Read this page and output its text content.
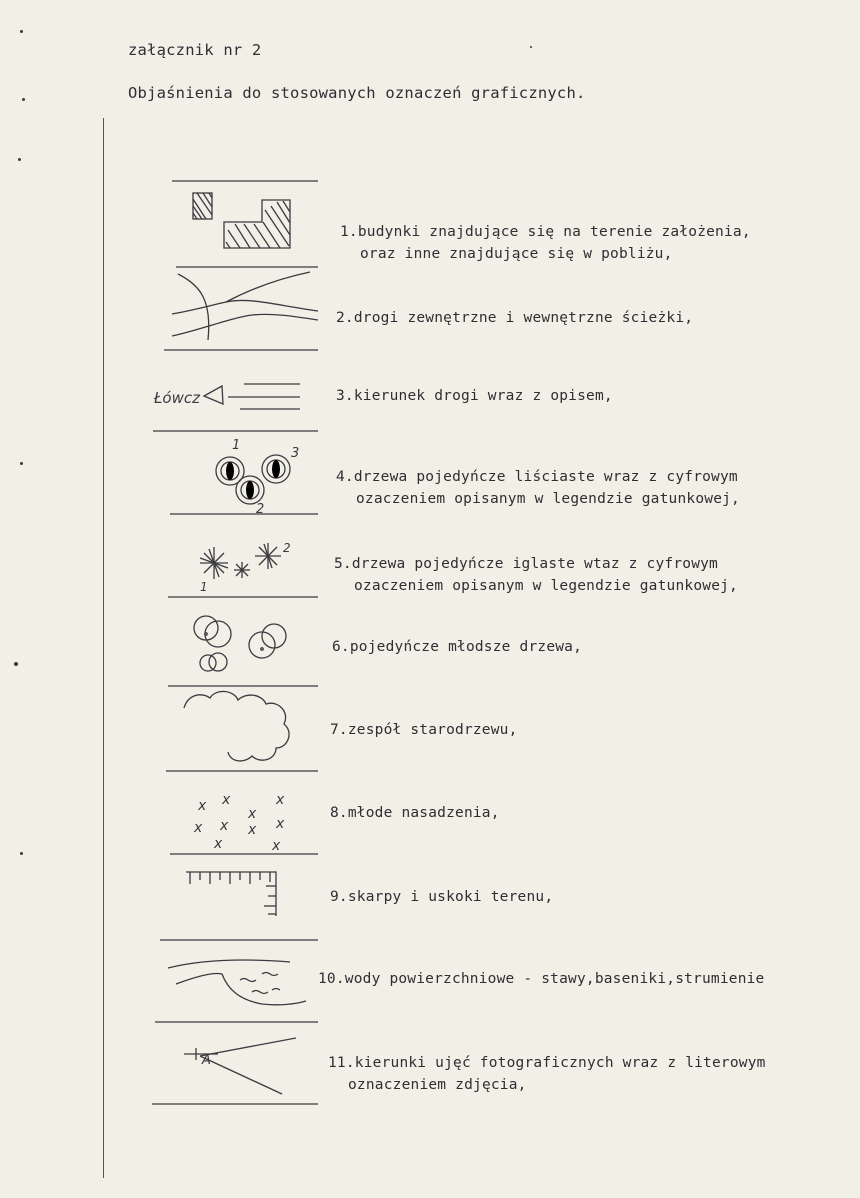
załącznik nr 2
Objaśnienia do stosowanych oznaczeń graficznych.
Łówcz
1
3
2
2
1
x x
x
x
x x x x
x	x
A
1.budynki znajdujące się na terenie założenia,
oraz inne znajdujące się w pobliżu,
2.drogi zewnętrzne i wewnętrzne ścieżki,
3.kierunek drogi wraz z opisem,
4.drzewa pojedyńcze liściaste wraz z cyfrowym
ozaczeniem opisanym w legendzie gatunkowej,
5.drzewa pojedyńcze iglaste wtaz z cyfrowym
ozaczeniem opisanym w legendzie gatunkowej,
6.pojedyńcze młodsze drzewa,
7.zespół starodrzewu,
8.młode nasadzenia,
9.skarpy i uskoki terenu,
10.wody powierzchniowe - stawy,baseniki,strumienie
11.kierunki ujęć fotograficznych wraz z literowym
oznaczeniem zdjęcia,
